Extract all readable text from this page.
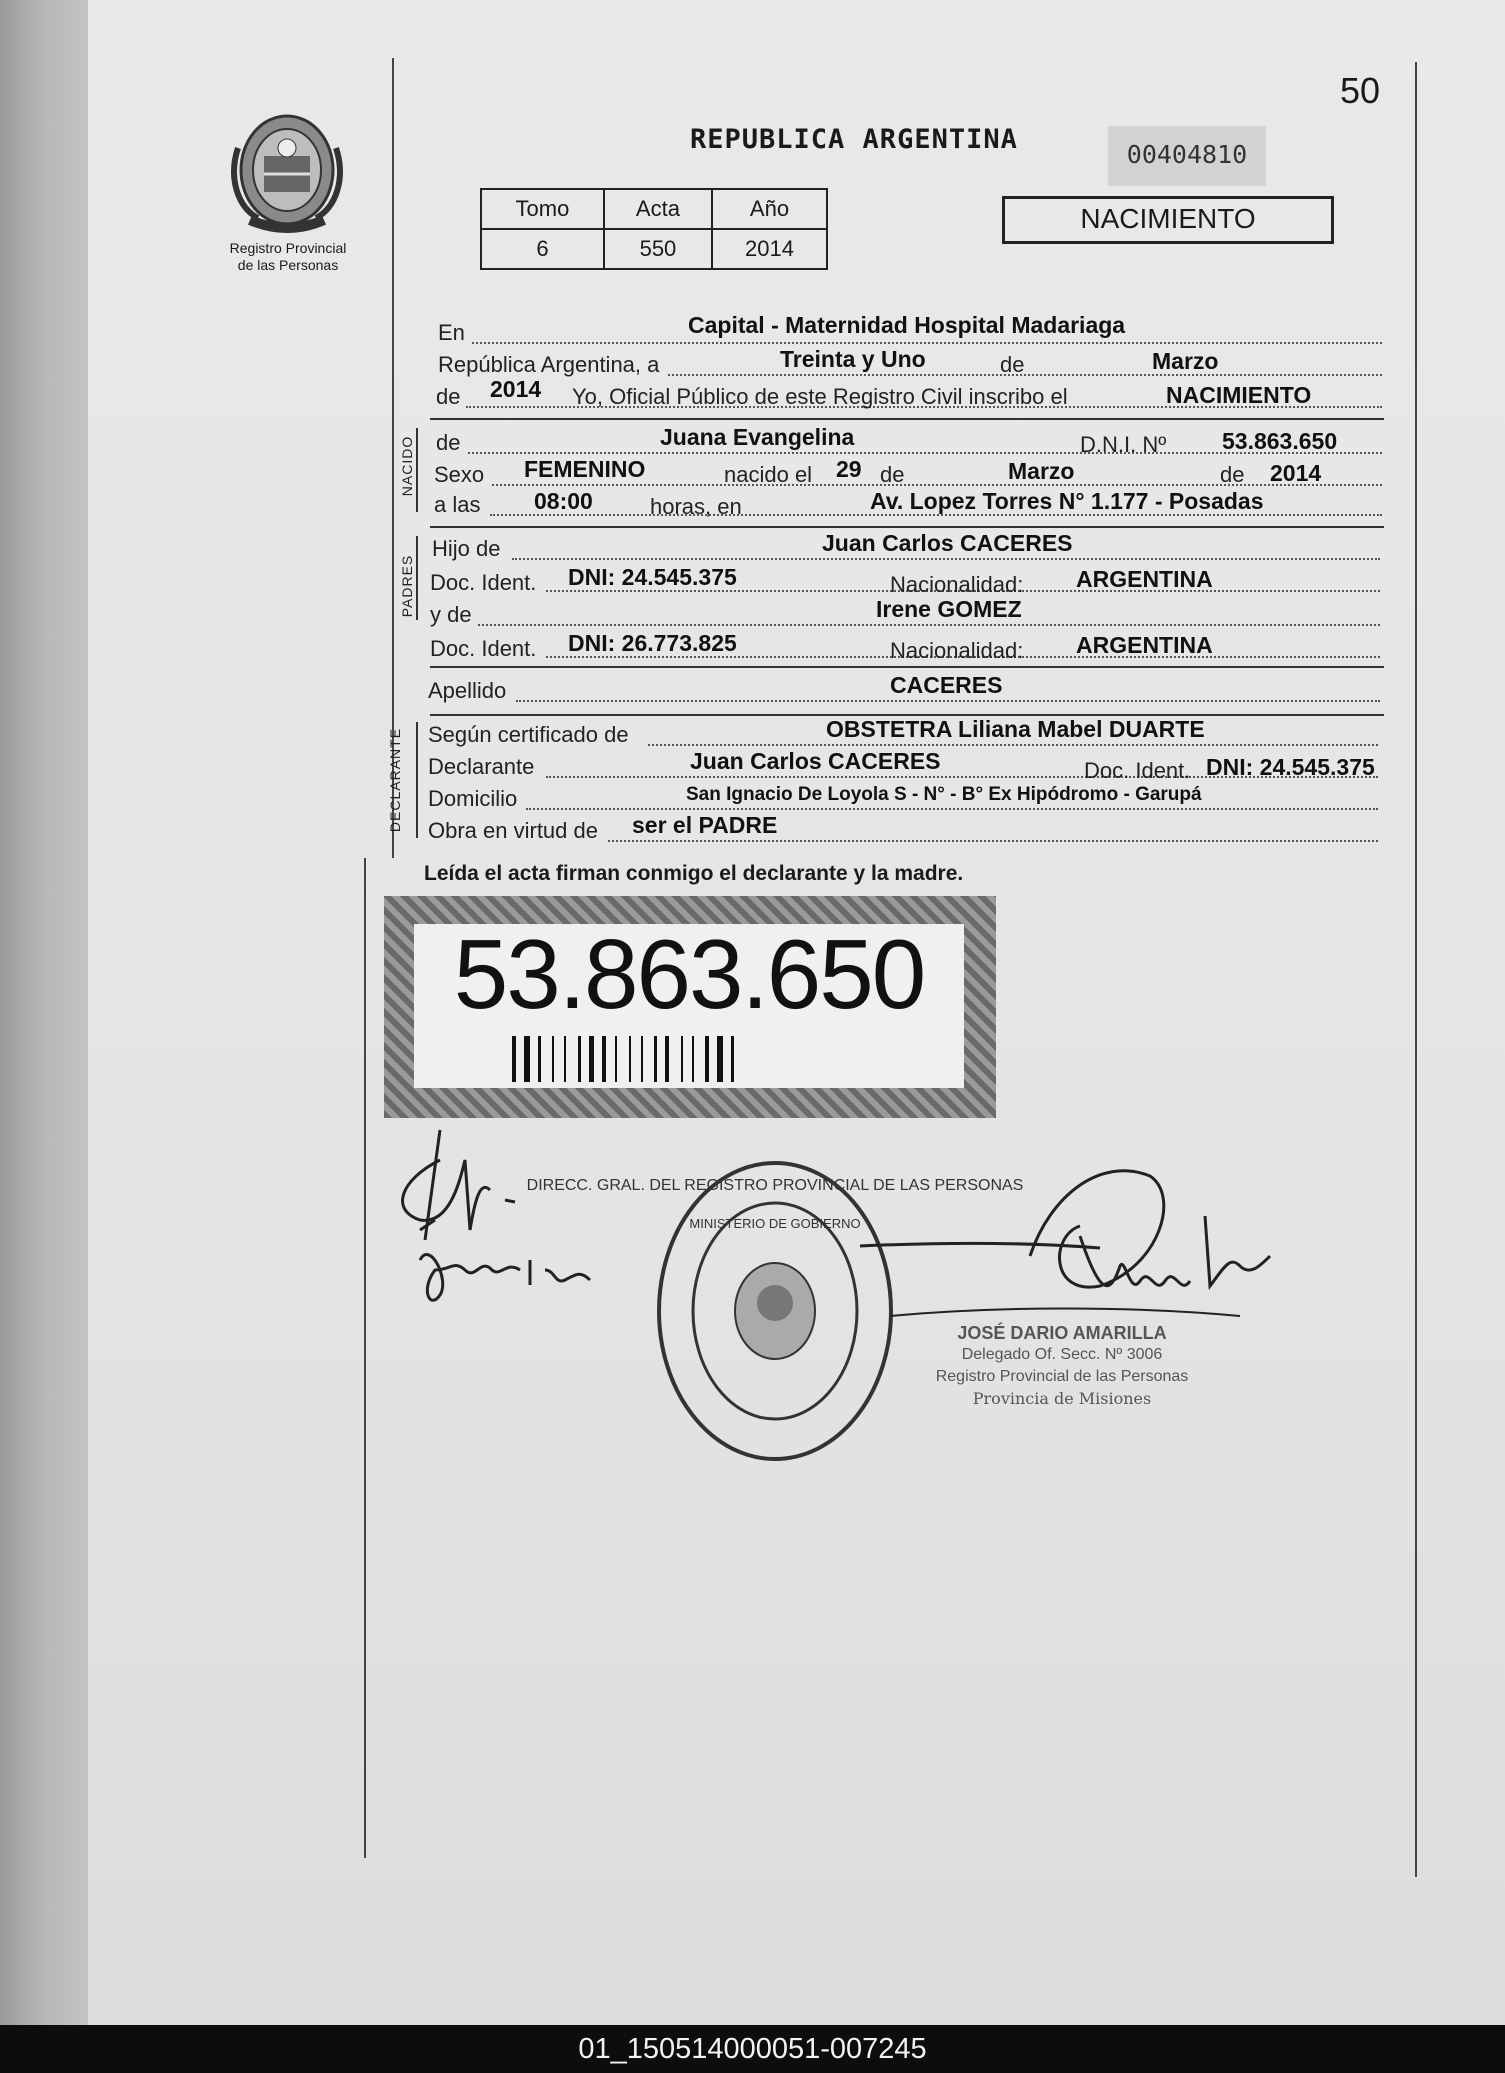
50
Registro Provincial
de las Personas
REPUBLICA ARGENTINA	00404810
Tomo	Acta	Año
6	550	2014
NACIMIENTO
En	Capital - Maternidad Hospital Madariaga
República Argentina, a	Treinta y Uno	de	Marzo
de 2014 Yo, Oficial Público de este Registro Civil inscribo el	NACIMIENTO
NACIDO de	Juana Evangelina	D.N.I. Nº 53.863.650
Sexo FEMENINO	nacido el 29 de	Marzo	de 2014
a las 08:00	horas, en	Av. Lopez Torres N° 1.177 - Posadas
PADRES
Hijo de	Juan Carlos CACERES
Doc. Ident. DNI: 24.545.375	Nacionalidad: ARGENTINA
y de	Irene GOMEZ
Doc. Ident. DNI: 26.773.825	Nacionalidad: ARGENTINA
Apellido	CACERES
DECLARANTE Según certificado de	OBSTETRA Liliana Mabel DUARTE
Declarante	Juan Carlos CACERES	Doc. Ident. DNI: 24.545.375
Domicilio	San Ignacio De Loyola S - N° - B° Ex Hipódromo - Garupá
Obra en virtud de ser el PADRE
Leída el acta firman conmigo el declarante y la madre.
53.863.650
DIRECC. GRAL. DEL REGISTRO PROVINCIAL DE LAS PERSONAS
MINISTERIO DE GOBIERNO
JOSÉ DARIO AMARILLA
Delegado Of. Secc. Nº 3006
Registro Provincial de las Personas
Provincia de Misiones
01_150514000051-007245
